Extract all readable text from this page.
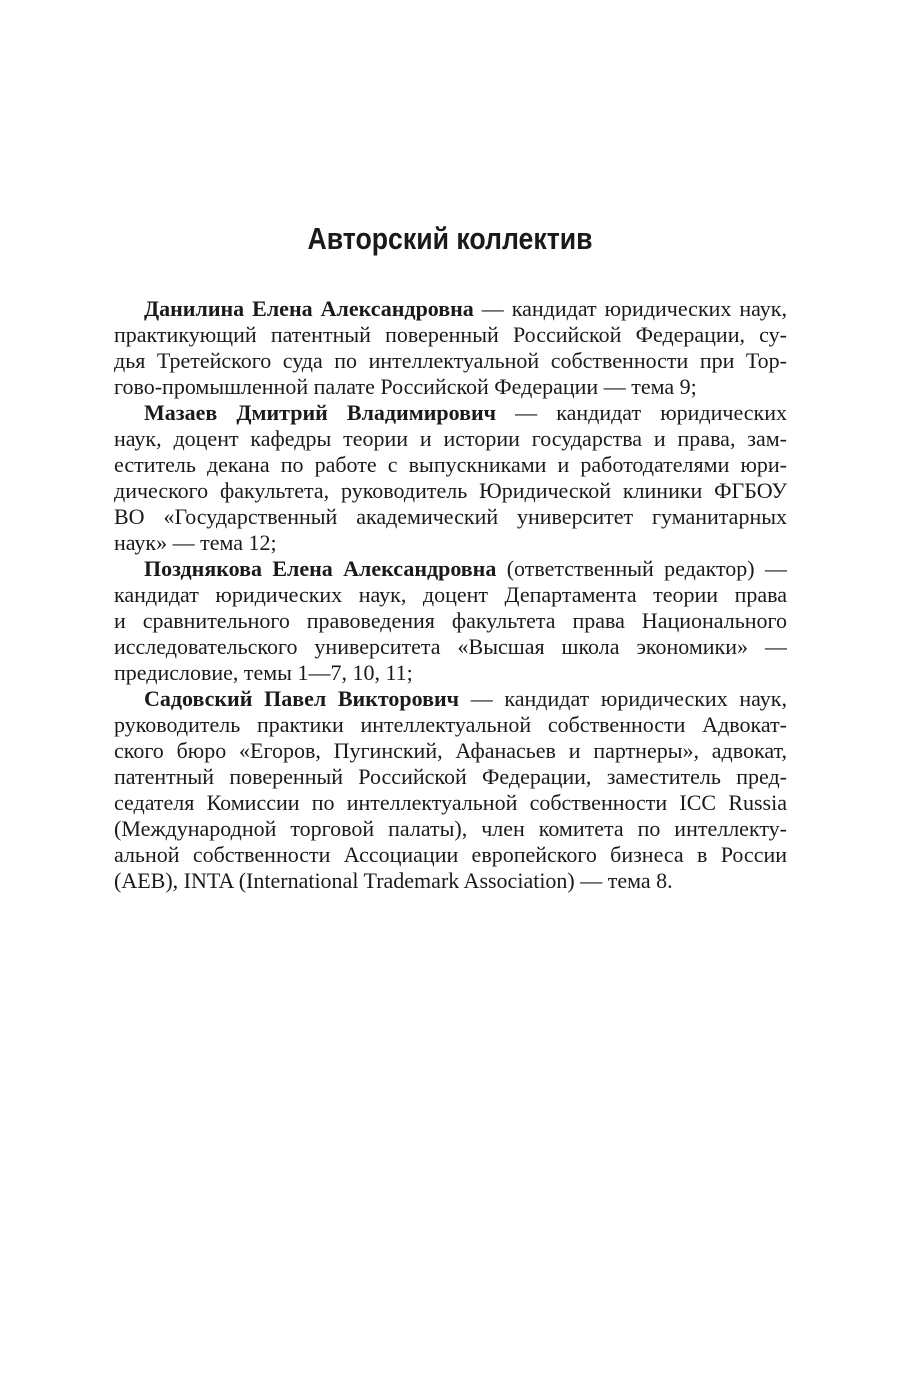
Авторский коллектив
Данилина Елена Александровна — кандидат юридических наук,
практикующий патентный поверенный Российской Федерации, су-
дья Третейского суда по интеллектуальной собственности при Тор-
гово-промышленной палате Российской Федерации — тема 9;
Мазаев Дмитрий Владимирович — кандидат юридических
наук, доцент кафедры теории и истории государства и права, зам-
еститель декана по работе с выпускниками и работодателями юри-
дического факультета, руководитель Юридической клиники ФГБОУ
ВО «Государственный академический университет гуманитарных
наук» — тема 12;
Позднякова Елена Александровна (ответственный редактор) —
кандидат юридических наук, доцент Департамента теории права
и сравнительного правоведения факультета права Национального
исследовательского университета «Высшая школа экономики» —
предисловие, темы 1—7, 10, 11;
Садовский Павел Викторович — кандидат юридических наук,
руководитель практики интеллектуальной собственности Адвокат-
ского бюро «Егоров, Пугинский, Афанасьев и партнеры», адвокат,
патентный поверенный Российской Федерации, заместитель пред-
седателя Комиссии по интеллектуальной собственности ICC Russia
(Международной торговой палаты), член комитета по интеллекту-
альной собственности Ассоциации европейского бизнеса в России
(AEB), INTA (International Trademark Association) — тема 8.
